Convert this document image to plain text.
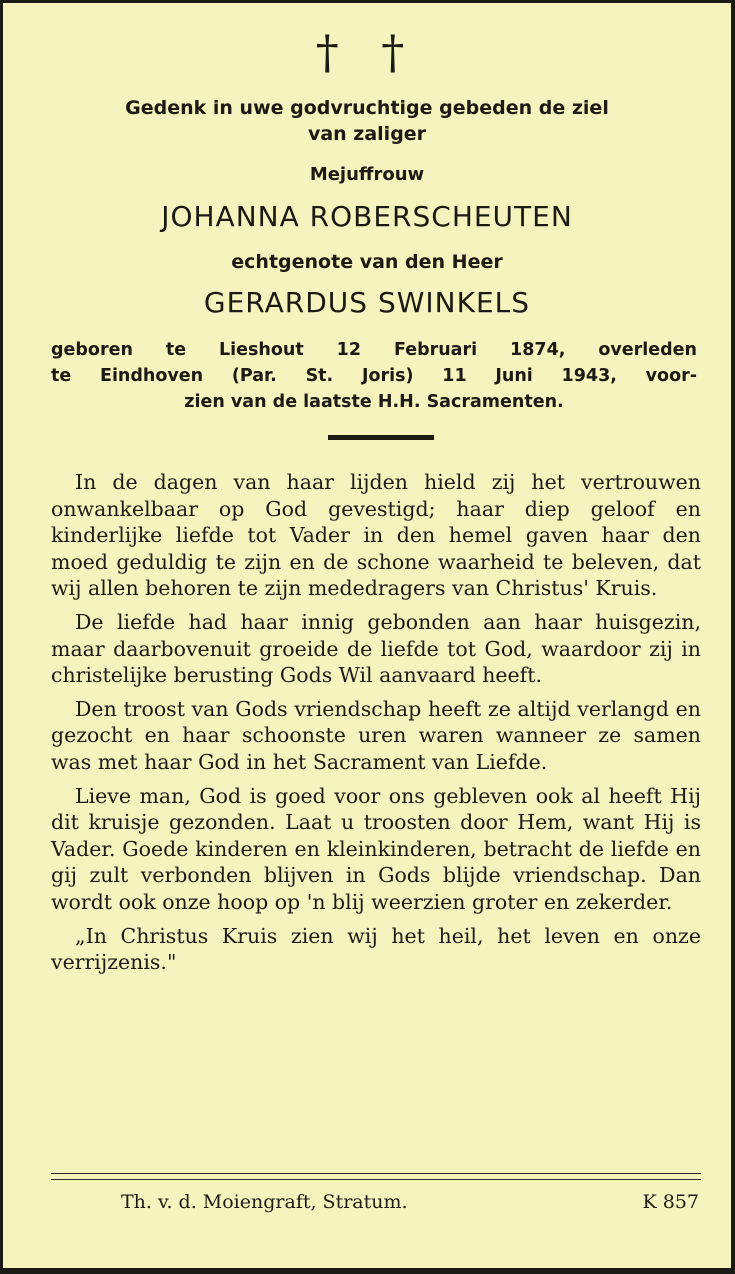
† †
Gedenk in uwe godvruchtige gebeden de ziel
van zaliger
Mejuffrouw
JOHANNA ROBERSCHEUTEN
echtgenote van den Heer
GERARDUS SWINKELS
geboren te Lieshout 12 Februari 1874, overleden
te Eindhoven (Par. St. Joris) 11 Juni 1943, voor-
zien van de laatste H.H. Sacramenten.

In de dagen van haar lijden hield zij het vertrouwen onwankelbaar op God gevestigd; haar diep geloof en kinderlijke liefde tot Vader in den hemel gaven haar den moed geduldig te zijn en de schone waarheid te beleven, dat wij allen behoren te zijn mededragers van Christus' Kruis.

De liefde had haar innig gebonden aan haar huisgezin, maar daarbovenuit groeide de liefde tot God, waardoor zij in christelijke berusting Gods Wil aanvaard heeft.

Den troost van Gods vriendschap heeft ze altijd verlangd en gezocht en haar schoonste uren waren wanneer ze samen was met haar God in het Sacrament van Liefde.

Lieve man, God is goed voor ons gebleven ook al heeft Hij dit kruisje gezonden. Laat u troosten door Hem, want Hij is Vader. Goede kinderen en kleinkinderen, betracht de liefde en gij zult verbonden blijven in Gods blijde vriendschap. Dan wordt ook onze hoop op 'n blij weerzien groter en zekerder.

„In Christus Kruis zien wij het heil, het leven en onze verrijzenis."

Th. v. d. Moiengraft, Stratum.	K 857
